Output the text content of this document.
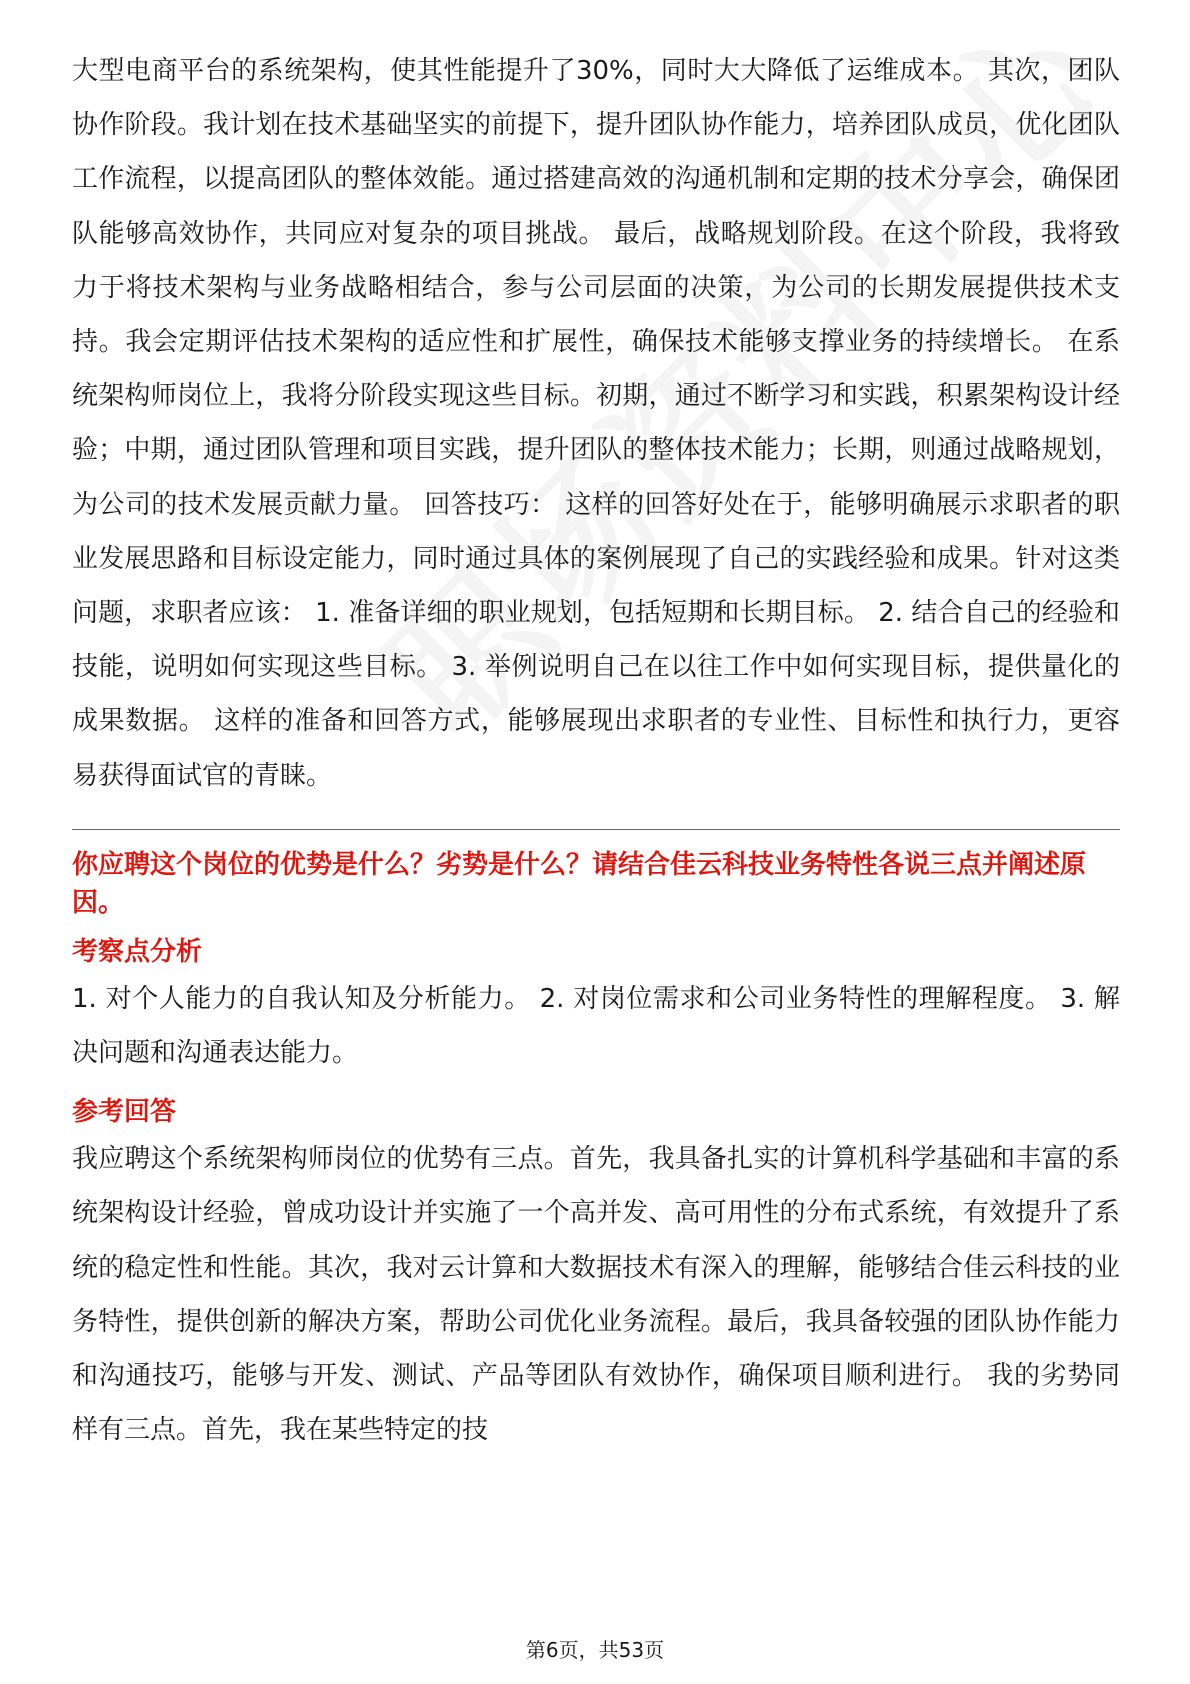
大型电商平台的系统架构，使其性能提升了30%，同时大大降低了运维成本。 其次，团队协作阶段。我计划在技术基础坚实的前提下，提升团队协作能力，培养团队成员，优化团队工作流程，以提高团队的整体效能。通过搭建高效的沟通机制和定期的技术分享会，确保团队能够高效协作，共同应对复杂的项目挑战。 最后，战略规划阶段。在这个阶段，我将致力于将技术架构与业务战略相结合，参与公司层面的决策，为公司的长期发展提供技术支持。我会定期评估技术架构的适应性和扩展性，确保技术能够支撑业务的持续增长。 在系统架构师岗位上，我将分阶段实现这些目标。初期，通过不断学习和实践，积累架构设计经验；中期，通过团队管理和项目实践，提升团队的整体技术能力；长期，则通过战略规划，为公司的技术发展贡献力量。 回答技巧： 这样的回答好处在于，能够明确展示求职者的职业发展思路和目标设定能力，同时通过具体的案例展现了自己的实践经验和成果。针对这类问题，求职者应该： 1. 准备详细的职业规划，包括短期和长期目标。 2. 结合自己的经验和技能，说明如何实现这些目标。 3. 举例说明自己在以往工作中如何实现目标，提供量化的成果数据。 这样的准备和回答方式，能够展现出求职者的专业性、目标性和执行力，更容易获得面试官的青睐。

你应聘这个岗位的优势是什么？劣势是什么？请结合佳云科技业务特性各说三点并阐述原因。

考察点分析

1. 对个人能力的自我认知及分析能力。 2. 对岗位需求和公司业务特性的理解程度。 3. 解决问题和沟通表达能力。

参考回答

我应聘这个系统架构师岗位的优势有三点。首先，我具备扎实的计算机科学基础和丰富的系统架构设计经验，曾成功设计并实施了一个高并发、高可用性的分布式系统，有效提升了系统的稳定性和性能。其次，我对云计算和大数据技术有深入的理解，能够结合佳云科技的业务特性，提供创新的解决方案，帮助公司优化业务流程。最后，我具备较强的团队协作能力和沟通技巧，能够与开发、测试、产品等团队有效协作，确保项目顺利进行。 我的劣势同样有三点。首先，我在某些特定的技

第6页，共53页
